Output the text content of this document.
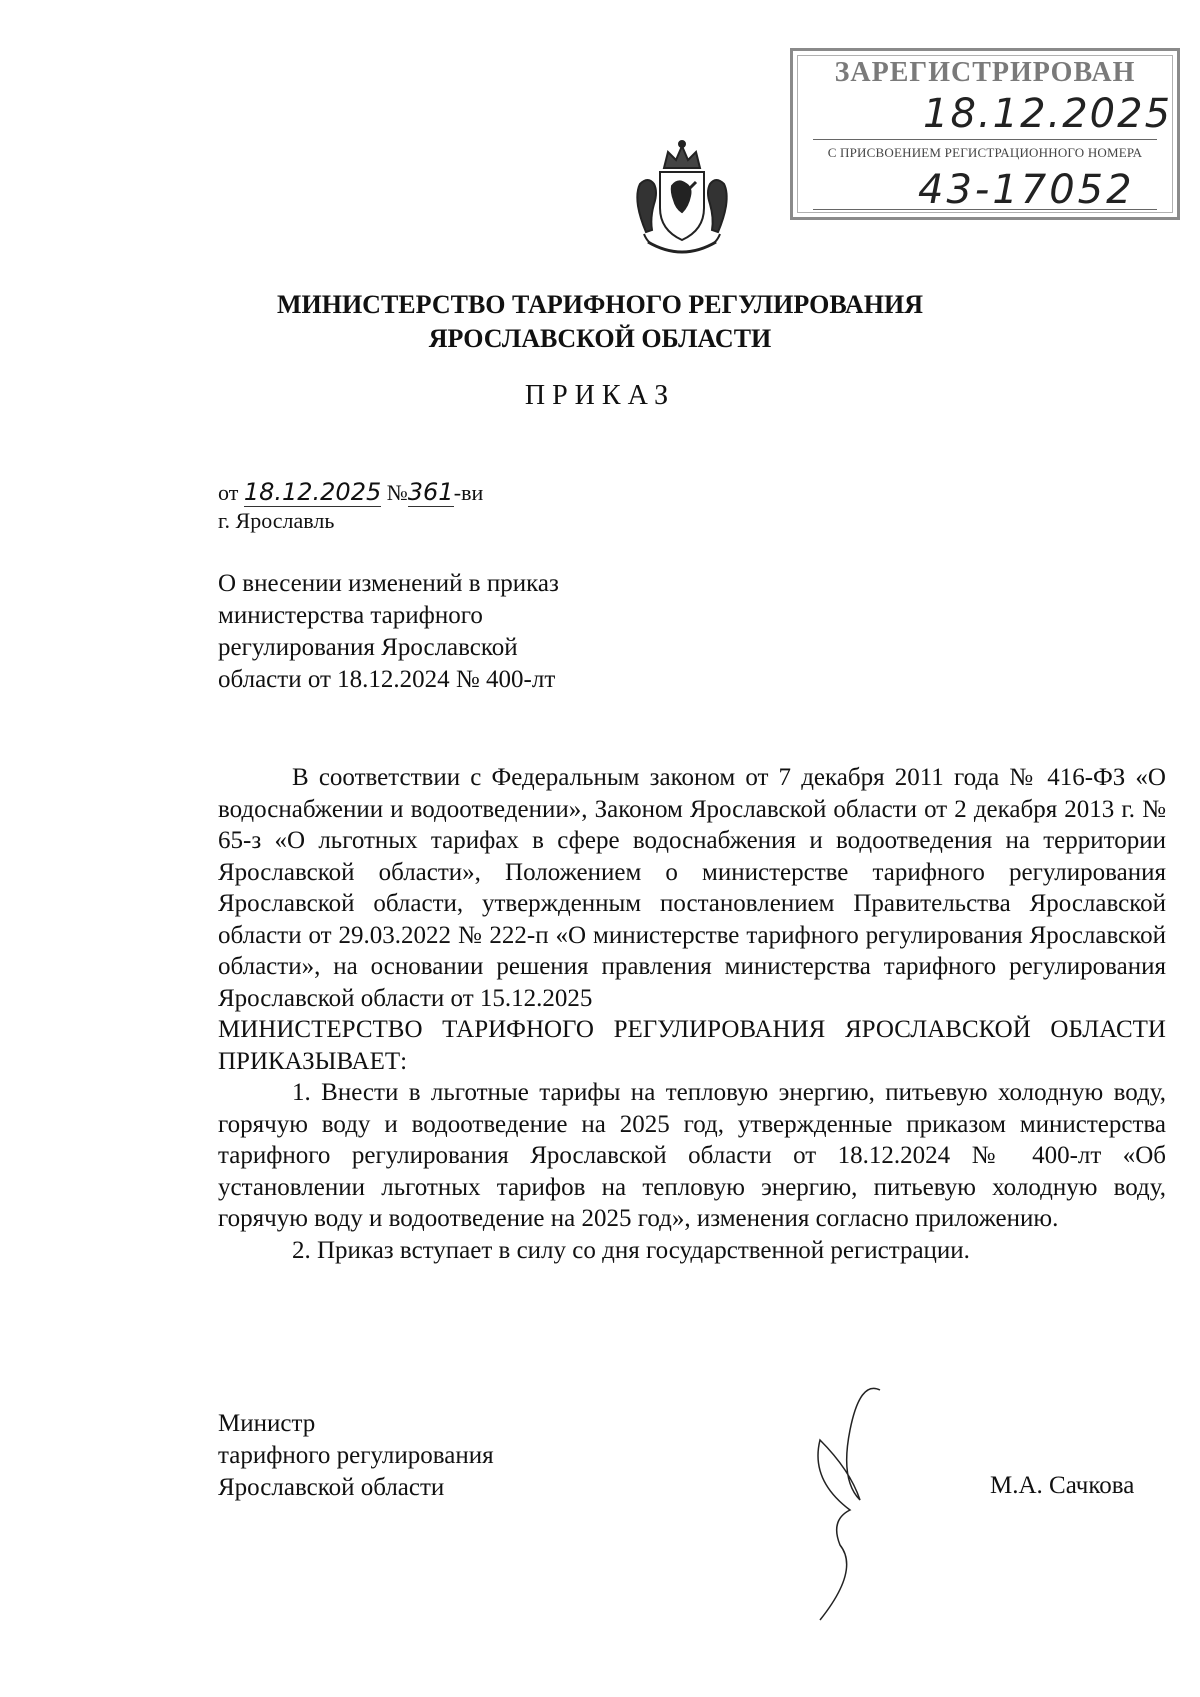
ЗАРЕГИСТРИРОВАН
18.12.2025
С ПРИСВОЕНИЕМ РЕГИСТРАЦИОННОГО НОМЕРА
43-17052
МИНИСТЕРСТВО ТАРИФНОГО РЕГУЛИРОВАНИЯ
ЯРОСЛАВСКОЙ ОБЛАСТИ
ПРИКАЗ
от 18.12.2025 №361-ви
г. Ярославль
О внесении изменений в приказ
министерства тарифного
регулирования Ярославской
области от 18.12.2024 № 400-лт

В соответствии с Федеральным законом от 7 декабря 2011 года № 416-ФЗ «О водоснабжении и водоотведении», Законом Ярославской области от 2 декабря 2013 г. № 65-з «О льготных тарифах в сфере водоснабжения и водоотведения на территории Ярославской области», Положением о министерстве тарифного регулирования Ярославской области, утвержденным постановлением Правительства Ярославской области от 29.03.2022 № 222-п «О министерстве тарифного регулирования Ярославской области», на основании решения правления министерства тарифного регулирования Ярославской области от 15.12.2025

МИНИСТЕРСТВО ТАРИФНОГО РЕГУЛИРОВАНИЯ ЯРОСЛАВСКОЙ ОБЛАСТИ ПРИКАЗЫВАЕТ:

1. Внести в льготные тарифы на тепловую энергию, питьевую холодную воду, горячую воду и водоотведение на 2025 год, утвержденные приказом министерства тарифного регулирования Ярославской области от 18.12.2024 № 400-лт «Об установлении льготных тарифов на тепловую энергию, питьевую холодную воду, горячую воду и водоотведение на 2025 год», изменения согласно приложению.

2. Приказ вступает в силу со дня государственной регистрации.

Министр
тарифного регулирования
Ярославской области	М.А. Сачкова
